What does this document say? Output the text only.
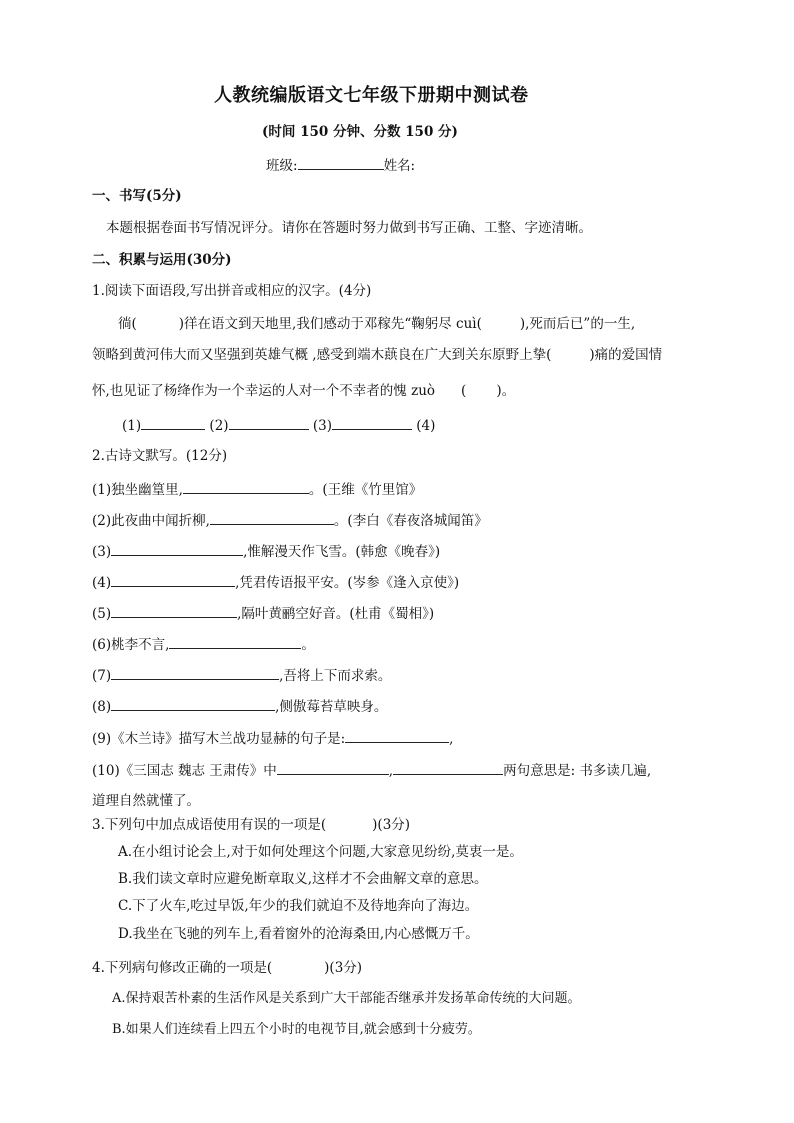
人教统编版语文七年级下册期中测试卷
(时间 150 分钟、分数 150 分)
班级:	姓名:
一、书写(5分)
本题根据卷面书写情况评分。请你在答题时努力做到书写正确、工整、字迹清晰。
二、积累与运用(30分)
1.阅读下面语段,写出拼音或相应的汉字。(4分)
徜(	)徉在语文到天地里,我们感动于邓稼先“鞠躬尽 cuì(	),死而后已”的一生,
领略到黄河伟大而又坚强到英雄气概 ,感受到端木蕻良在广大到关东原野上挚(	)痛的爱国情
怀,也见证了杨绛作为一个幸运的人对一个不幸者的愧 zuò ( )。
(1)	(2)	(3)	(4)
2.古诗文默写。(12分)
(1)独坐幽篁里,	。(王维《竹里馆》
(2)此夜曲中闻折柳,	。(李白《春夜洛城闻笛》
(3)	,惟解漫天作飞雪。(韩愈《晚春》)
(4)	,凭君传语报平安。(岑参《逢入京使》)
(5)	,隔叶黄鹂空好音。(杜甫《蜀相》)
(6)桃李不言,	。
(7)	,吾将上下而求索。
(8)	,侧傲莓苔草映身。
(9)《木兰诗》描写木兰战功显赫的句子是:	,
(10)《三国志 魏志 王肃传》中	,	两句意思是: 书多读几遍,
道理自然就懂了。
3.下列句中加点成语使用有误的一项是(	)(3分)
A.在小组讨论会上,对于如何处理这个问题,大家意见纷纷,莫衷一是。
B.我们读文章时应避免断章取义,这样才不会曲解文章的意思。
C.下了火车,吃过早饭,年少的我们就迫不及待地奔向了海边。
D.我坐在飞驰的列车上,看着窗外的沧海桑田,内心感慨万千。
4.下列病句修改正确的一项是(	)(3分)
A.保持艰苦朴素的生活作风是关系到广大干部能否继承并发扬革命传统的大问题。
B.如果人们连续看上四五个小时的电视节目,就会感到十分疲劳。
